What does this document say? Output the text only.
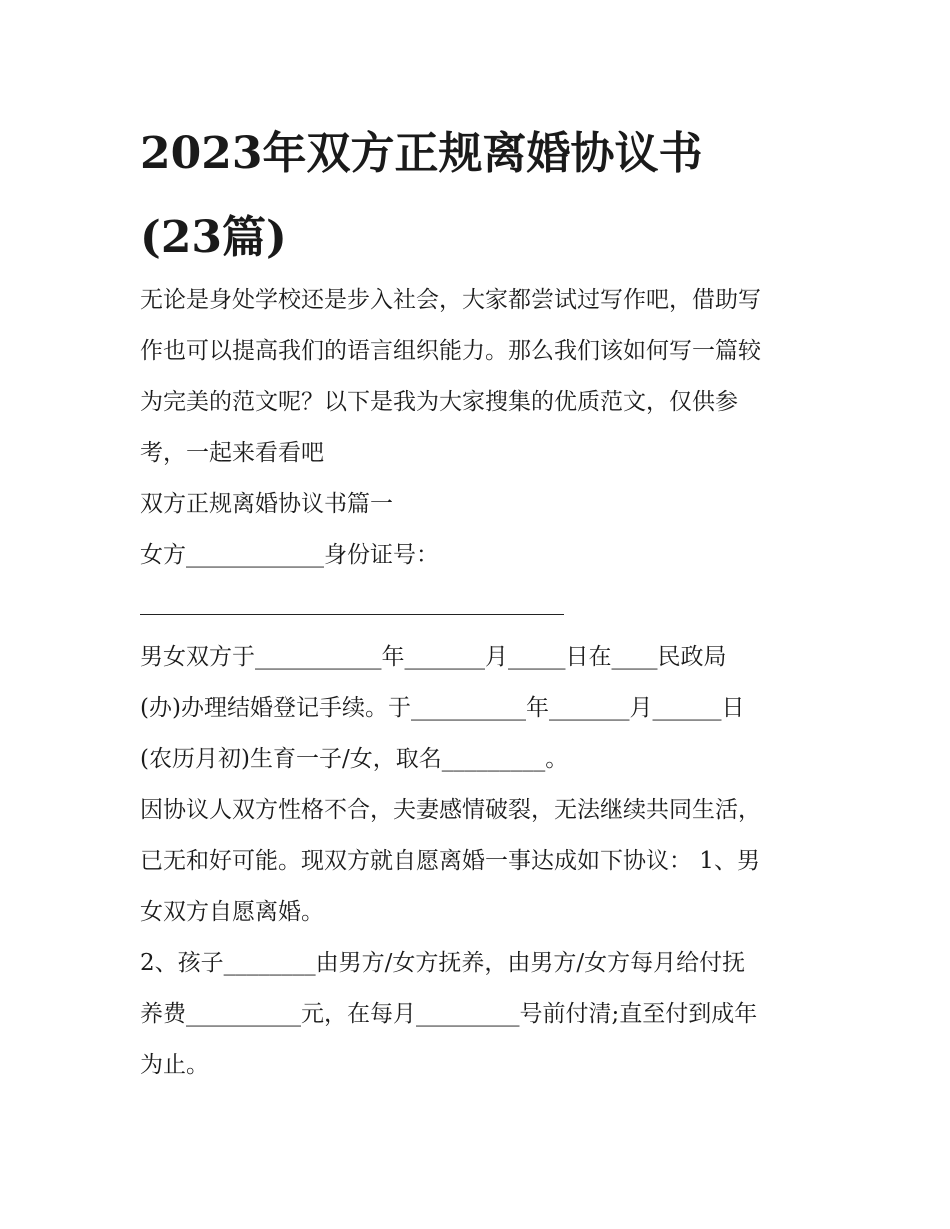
2023年双方正规离婚协议书
(23篇)
无论是身处学校还是步入社会，大家都尝试过写作吧，借助写
作也可以提高我们的语言组织能力。那么我们该如何写一篇较
为完美的范文呢？以下是我为大家搜集的优质范文，仅供参
考，一起来看看吧
双方正规离婚协议书篇一
女方____________身份证号：
男女双方于___________年_______月_____日在____民政局
(办)办理结婚登记手续。于__________年_______月______日
(农历月初)生育一子/女，取名_________。
因协议人双方性格不合，夫妻感情破裂，无法继续共同生活，
已无和好可能。现双方就自愿离婚一事达成如下协议： 1、男
女双方自愿离婚。
2、孩子________由男方/女方抚养，由男方/女方每月给付抚
养费__________元，在每月_________号前付清;直至付到成年
为止。
